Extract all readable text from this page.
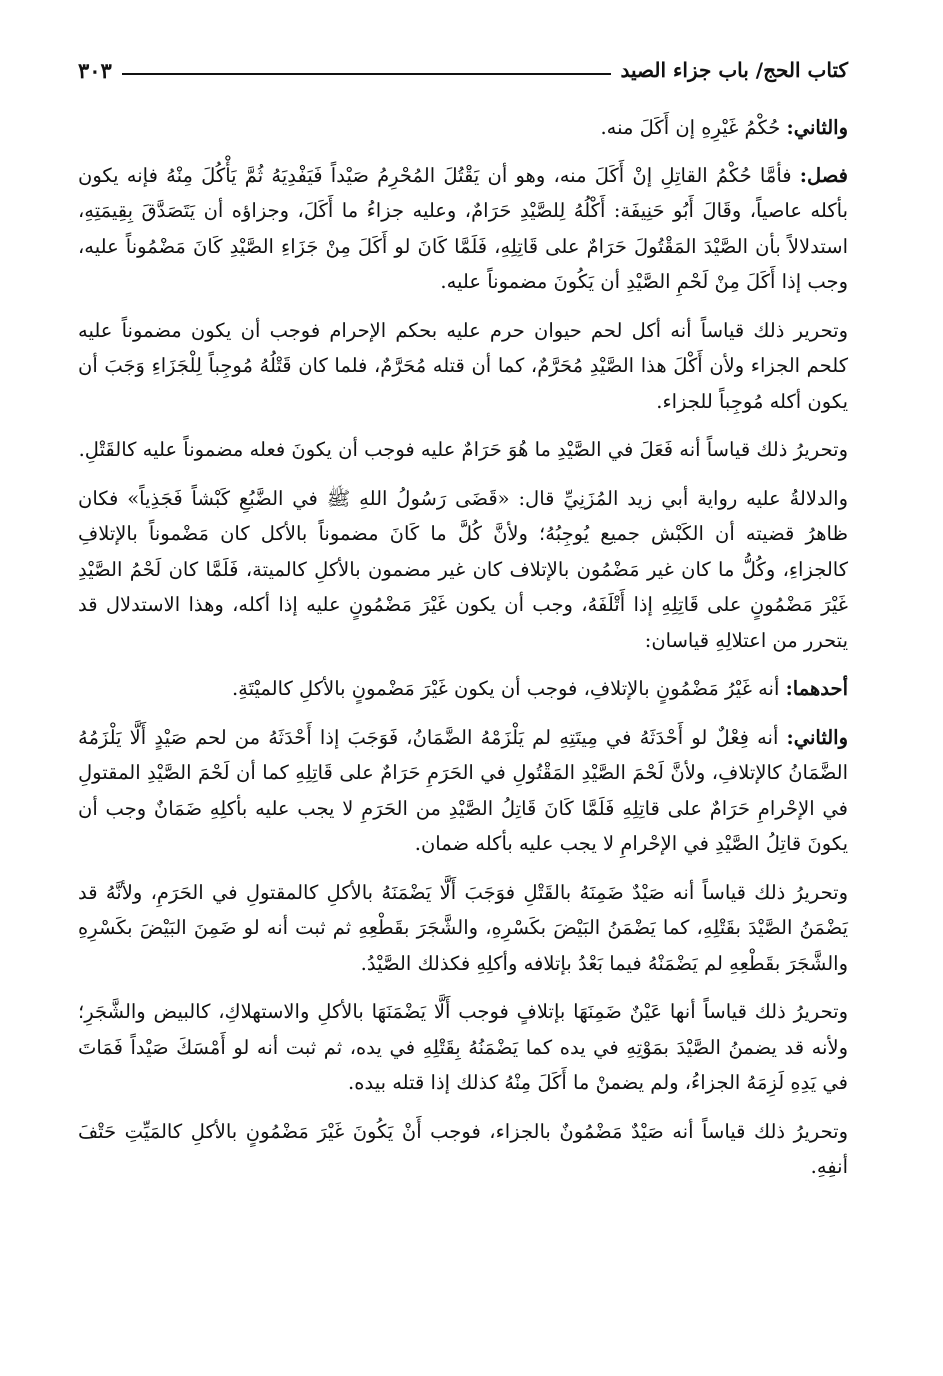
كتاب الحج/ باب جزاء الصيد
٣٠٣

والثاني: حُكْمُ غَيْرِهِ إن أَكَلَ منه.

فصل: فأمَّا حُكْمُ القاتِلِ إنْ أَكَلَ منه، وهو أن يَقْتُلَ المُحْرِمُ صَيْداً فَيَفْدِيَهُ ثُمَّ يَأْكُلَ مِنْهُ فإنه يكون بأكله عاصياً، وقَالَ أَبُو حَنِيفَة: أَكْلُهُ لِلصَّيْدِ حَرَامٌ، وعليه جزاءُ ما أَكَلَ، وجزاؤه أن يَتَصَدَّقَ بِقِيمَتِهِ، استدلالاً بأن الصَّيْدَ المَقْتُولَ حَرَامٌ على قَاتِلِهِ، فَلَمَّا كَانَ لو أَكَلَ مِنْ جَزَاءِ الصَّيْدِ كَانَ مَضْمُوناً عليه، وجب إذا أَكَلَ مِنْ لَحْمِ الصَّيْدِ أن يَكُونَ مضموناً عليه.

وتحرير ذلك قياساً أنه أكل لحم حيوان حرم عليه بحكم الإحرام فوجب أن يكون مضموناً عليه كلحم الجزاء ولأن أَكْلَ هذا الصَّيْدِ مُحَرَّمٌ، كما أن قتله مُحَرَّمٌ، فلما كان قَتْلُهُ مُوجِباً لِلْجَزَاءِ وَجَبَ أن يكون أكله مُوجِباً للجزاء.

وتحريرُ ذلك قياساً أنه فَعَلَ في الصَّيْدِ ما هُوَ حَرَامٌ عليه فوجب أن يكونَ فعله مضموناً عليه كالقَتْلِ.

والدلالةُ عليه رواية أبي زيد المُزَنِيِّ قال: «قَضَى رَسُولُ اللهِ ﷺ في الضَّبُعِ كَبْشاً فَجَذِياً» فكان ظاهرُ قضيته أن الكَبْش جميع يُوجِبُهُ؛ ولأنَّ كُلَّ ما كَانَ مضموناً بالأكل كان مَضْموناً بالإتلافِ كالجزاءِ، وكُلُّ ما كان غير مَضْمُون بالإتلاف كان غير مضمون بالأكلِ كالميتة، فَلَمَّا كان لَحْمُ الصَّيْدِ غَيْرَ مَضْمُونٍ على قَاتِلِهِ إذا أَتْلَفَهُ، وجب أن يكون غَيْرَ مَضْمُونٍ عليه إذا أكله، وهذا الاستدلال قد يتحرر من اعتلالِهِ قياسان:

أحدهما: أنه غَيْرُ مَضْمُونٍ بالإتلافِ، فوجب أن يكون غَيْرَ مَضْمونٍ بالأكلِ كالميْتَةِ.

والثاني: أنه فِعْلٌ لو أَحْدَثَهُ في مِيتَتِهِ لم يَلْزَمْهُ الضَّمَانُ، فَوَجَبَ إذا أَحْدَثَهُ من لحم صَيْدٍ أَلَّا يَلْزَمُهُ الضَّمَانُ كالإتلافِ، ولأنَّ لَحْمَ الصَّيْدِ المَقْتُولِ في الحَرَمِ حَرَامٌ على قَاتِلِهِ كما أن لَحْمَ الصَّيْدِ المقتولِ في الإحْرامِ حَرَامٌ على قاتِلِهِ فَلَمَّا كَانَ قَاتِلُ الصَّيْدِ من الحَرَمِ لا يجب عليه بأكلِهِ ضَمَانٌ وجب أن يكونَ قاتِلُ الصَّيْدِ في الإحْرامِ لا يجب عليه بأكله ضمان.

وتحريرُ ذلك قياساً أنه صَيْدٌ ضَمِنَهُ بالقَتْلِ فوَجَبَ أَلَّا يَضْمَنَهُ بالأكلِ كالمقتولِ في الحَرَمِ، ولأنَّهُ قد يَضْمَنُ الصَّيْدَ بقَتْلِهِ، كما يَضْمَنُ البَيْضَ بكَسْرِهِ، والشَّجَرَ بقَطْعِهِ ثم ثبت أنه لو ضَمِنَ البَيْضَ بكَسْرِهِ والشَّجَرَ بقَطْعِهِ لم يَضْمَنْهُ فيما بَعْدُ بإتلافه وأكلِهِ فكذلك الصَّيْدُ.

وتحريرُ ذلك قياساً أنها عَيْنٌ ضَمِنَهَا بإتلافٍ فوجب أَلَّا يَضْمَنَهَا بالأكلِ والاستهلاكِ، كالبيض والشَّجَرِ؛ ولأنه قد يضمنُ الصَّيْدَ بمَوْتِهِ في يده كما يَضْمَنُهُ بِقَتْلِهِ في يده، ثم ثبت أنه لو أَمْسَكَ صَيْداً فَمَاتَ في يَدِهِ لَزِمَهُ الجزاءُ، ولم يضمنْ ما أَكَلَ مِنْهُ كذلك إذا قتله بيده.

وتحريرُ ذلك قياساً أنه صَيْدٌ مَضْمُونٌ بالجزاء، فوجب أَنْ يَكُونَ غَيْرَ مَضْمُونٍ بالأكلِ كالمَيِّتِ حَتْفَ أنفِهِ.
